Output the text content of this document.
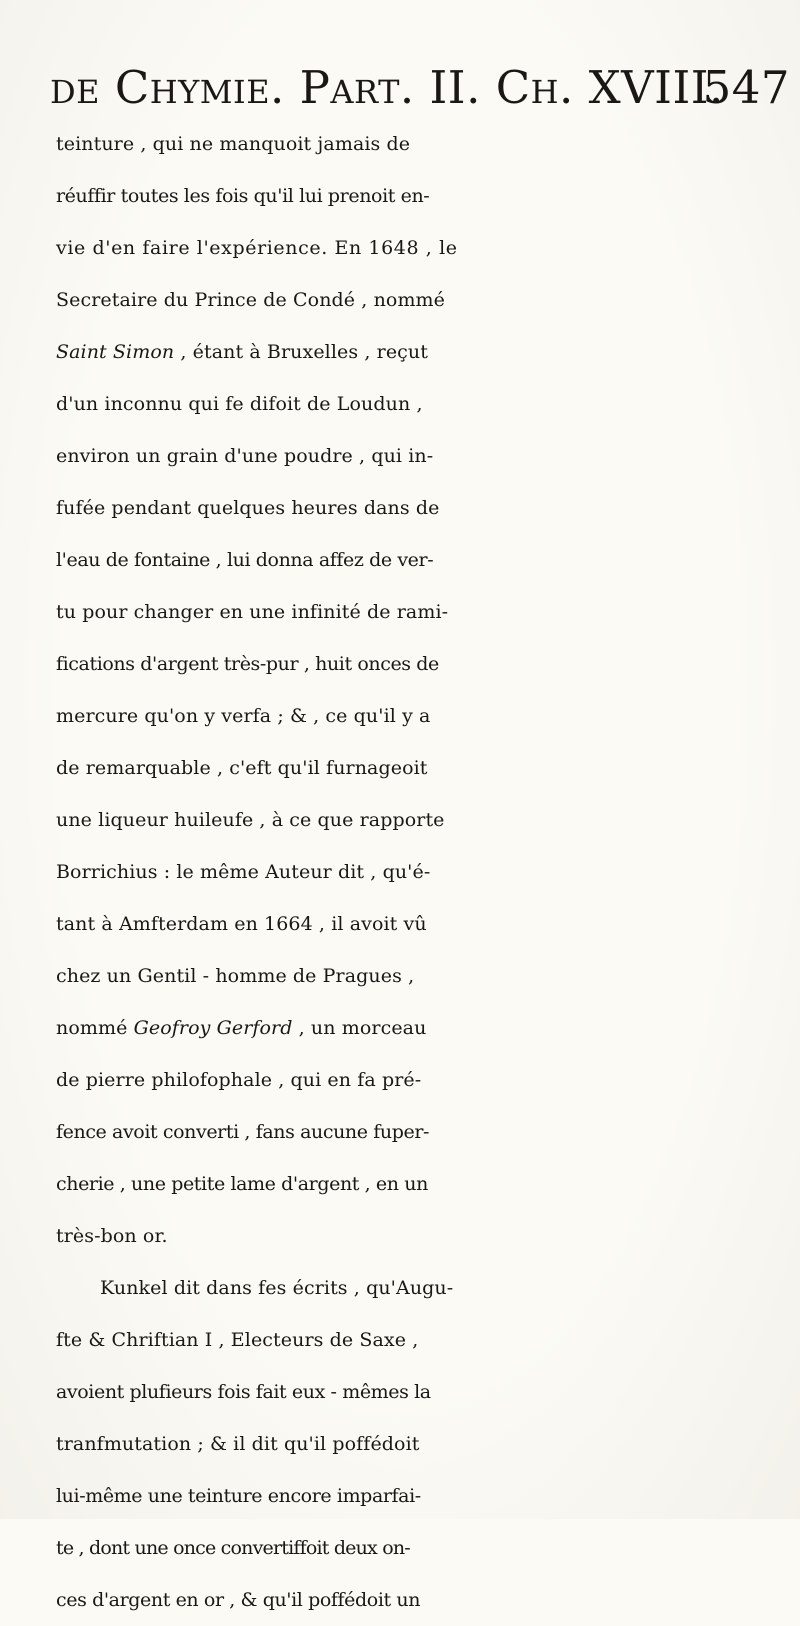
de Chymie. Part. II. Ch. XVIII.
547
teinture , qui ne manquoit jamais de
réuffir toutes les fois qu'il lui prenoit en-
vie d'en faire l'expérience. En 1648 , le
Secretaire du Prince de Condé , nommé
Saint Simon , étant à Bruxelles , reçut
d'un inconnu qui fe difoit de Loudun ,
environ un grain d'une poudre , qui in-
fufée pendant quelques heures dans de
l'eau de fontaine , lui donna affez de ver-
tu pour changer en une infinité de rami-
fications d'argent très-pur , huit onces de
mercure qu'on y verfa ; & , ce qu'il y a
de remarquable , c'eft qu'il furnageoit
une liqueur huileufe , à ce que rapporte
Borrichius : le même Auteur dit , qu'é-
tant à Amfterdam en 1664 , il avoit vû
chez un Gentil - homme de Pragues ,
nommé Geofroy Gerford , un morceau
de pierre philofophale , qui en fa pré-
fence avoit converti , fans aucune fuper-
cherie , une petite lame d'argent , en un
très-bon or.
Kunkel dit dans fes écrits , qu'Augu-
fte & Chriftian I , Electeurs de Saxe ,
avoient plufieurs fois fait eux - mêmes la
tranfmutation ; & il dit qu'il poffédoit
lui-même une teinture encore imparfai-
te , dont une once convertiffoit deux on-
ces d'argent en or , & qu'il poffédoit un
